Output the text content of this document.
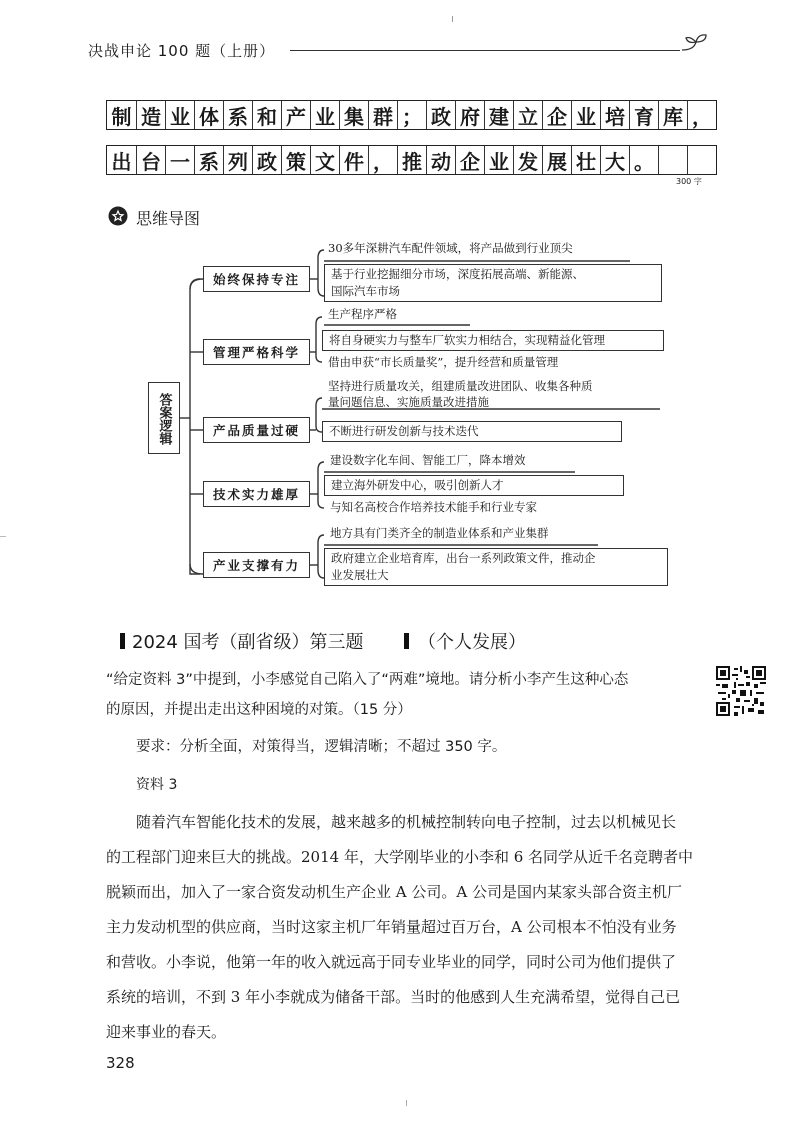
决战申论 100 题（上册）
制 造 业 体 系 和 产 业 集 群 ； 政 府 建 立 企 业 培 育 库 ，
出 台 一 系 列 政 策 文 件 ， 推 动 企 业 发 展 壮 大 。
300 字
思维导图
答案逻辑
始终保持专注
管理严格科学
产品质量过硬
技术实力雄厚
产业支撑有力
30多年深耕汽车配件领域，将产品做到行业顶尖
基于行业挖掘细分市场，深度拓展高端、新能源、
国际汽车市场
生产程序严格
将自身硬实力与整车厂软实力相结合，实现精益化管理
借由申获“市长质量奖”，提升经营和质量管理
坚持进行质量攻关，组建质量改进团队、收集各种质
量问题信息、实施质量改进措施
不断进行研发创新与技术迭代
建设数字化车间、智能工厂，降本增效
建立海外研发中心，吸引创新人才
与知名高校合作培养技术能手和行业专家
地方具有门类齐全的制造业体系和产业集群
政府建立企业培育库，出台一系列政策文件，推动企
业发展壮大
2024 国考（副省级）第三题	（个人发展）
“给定资料 3”中提到，小李感觉自己陷入了“两难”境地。请分析小李产生这种心态
的原因，并提出走出这种困境的对策。（15 分）
要求：分析全面，对策得当，逻辑清晰；不超过 350 字。
资料 3
随着汽车智能化技术的发展，越来越多的机械控制转向电子控制，过去以机械见长
的工程部门迎来巨大的挑战。2014 年，大学刚毕业的小李和 6 名同学从近千名竞聘者中
脱颖而出，加入了一家合资发动机生产企业 A 公司。A 公司是国内某家头部合资主机厂
主力发动机型的供应商，当时这家主机厂年销量超过百万台，A 公司根本不怕没有业务
和营收。小李说，他第一年的收入就远高于同专业毕业的同学，同时公司为他们提供了
系统的培训，不到 3 年小李就成为储备干部。当时的他感到人生充满希望，觉得自己已
迎来事业的春天。
328
